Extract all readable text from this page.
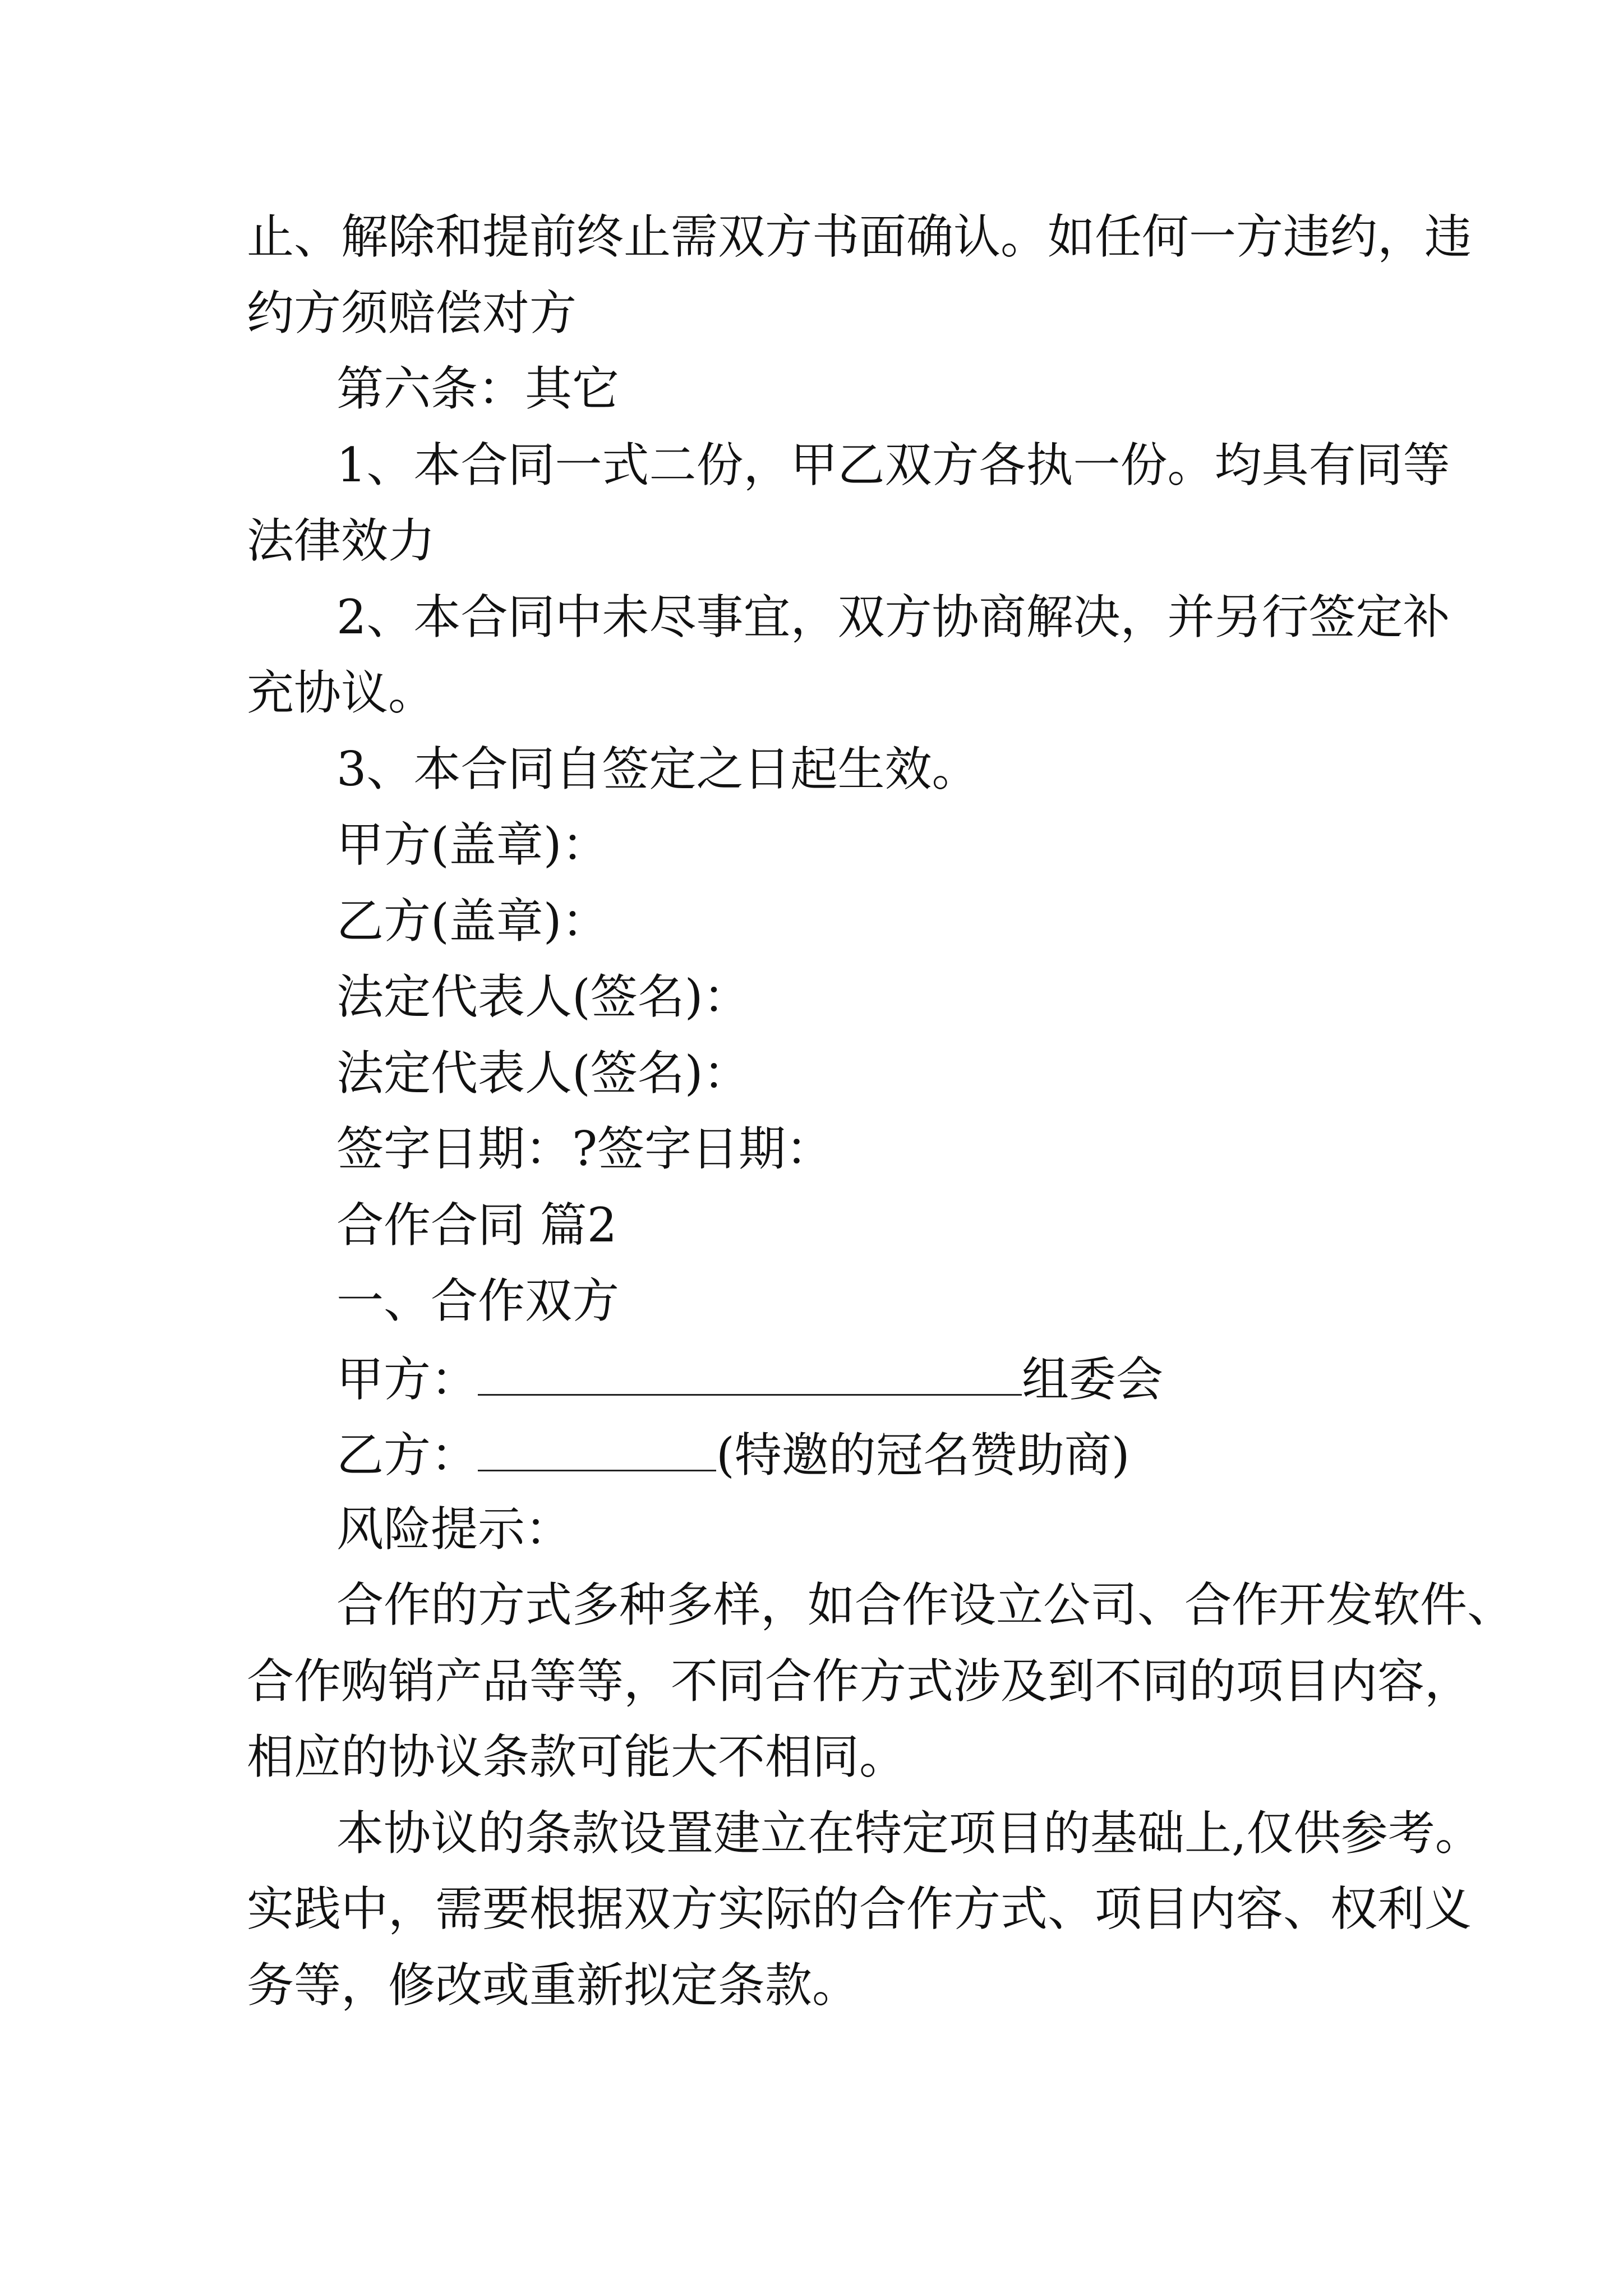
止、解除和提前终止需双方书面确认。如任何一方违约，违
约方须赔偿对方
第六条：其它
1、本合同一式二份，甲乙双方各执一份。均具有同等
法律效力
2、本合同中未尽事宜，双方协商解决，并另行签定补
充协议。
3、本合同自签定之日起生效。
甲方(盖章)：
乙方(盖章)：
法定代表人(签名)：
法定代表人(签名)：
签字日期：?签字日期：
合作合同 篇2
一、合作双方
甲方：	组委会
乙方：	(特邀的冠名赞助商)
风险提示：
合作的方式多种多样，如合作设立公司、合作开发软件、
合作购销产品等等，不同合作方式涉及到不同的项目内容，
相应的协议条款可能大不相同。
本协议的条款设置建立在特定项目的基础上,仅供参考。
实践中，需要根据双方实际的合作方式、项目内容、权利义
务等，修改或重新拟定条款。
